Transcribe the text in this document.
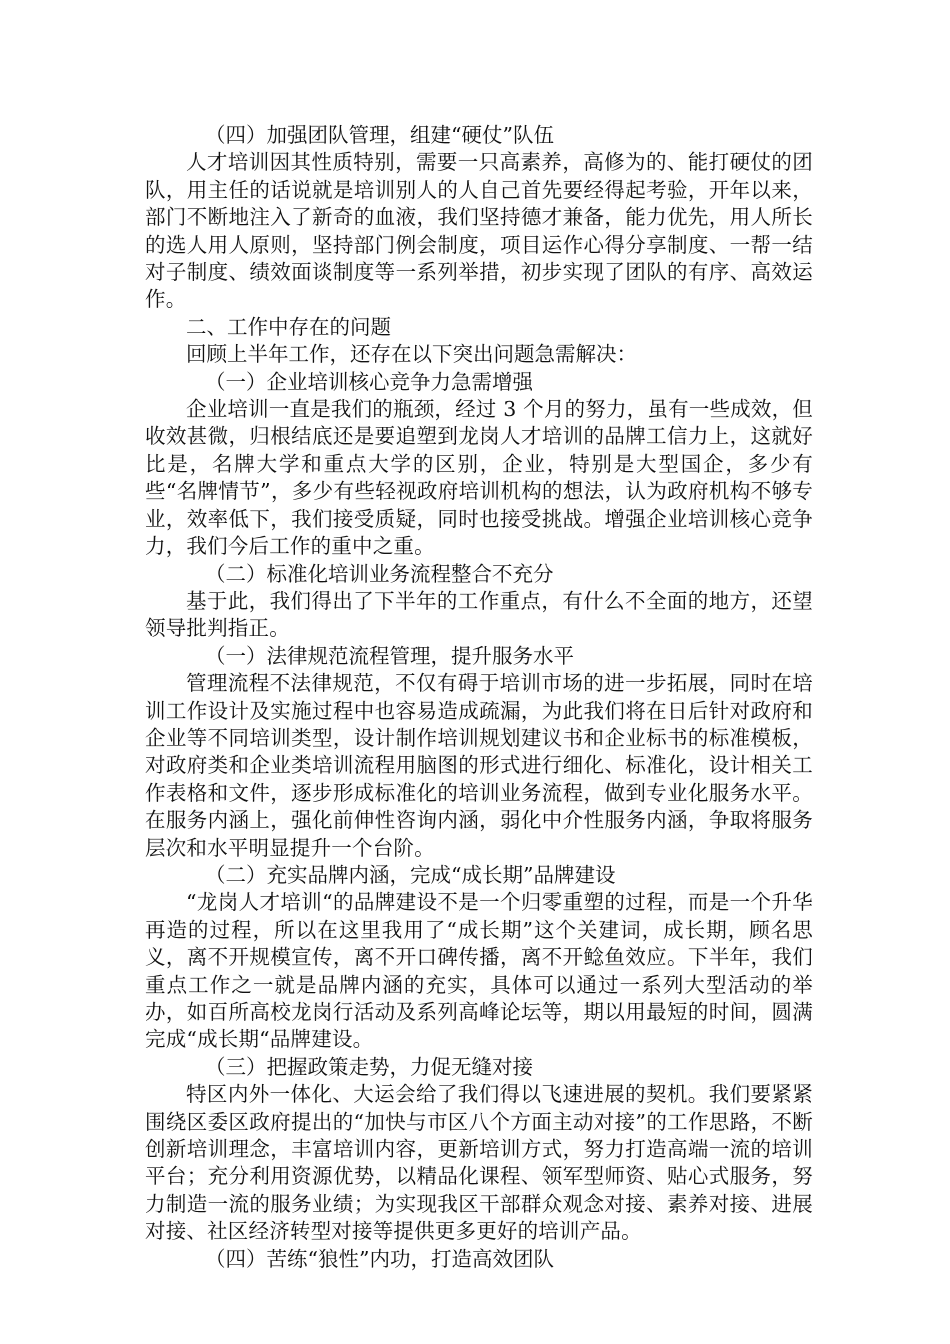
（四）加强团队管理，组建“硬仗”队伍

人才培训因其性质特别，需要一只高素养，高修为的、能打硬仗的团队，用主任的话说就是培训别人的人自己首先要经得起考验，开年以来，部门不断地注入了新奇的血液，我们坚持德才兼备，能力优先，用人所长的选人用人原则，坚持部门例会制度，项目运作心得分享制度、一帮一结对子制度、绩效面谈制度等一系列举措，初步实现了团队的有序、高效运作。

二、工作中存在的问题

回顾上半年工作，还存在以下突出问题急需解决：

（一）企业培训核心竞争力急需增强

企业培训一直是我们的瓶颈，经过 3 个月的努力，虽有一些成效，但收效甚微，归根结底还是要追塑到龙岗人才培训的品牌工信力上，这就好比是，名牌大学和重点大学的区别，企业，特别是大型国企，多少有些“名牌情节”，多少有些轻视政府培训机构的想法，认为政府机构不够专业，效率低下，我们接受质疑，同时也接受挑战。增强企业培训核心竞争力，我们今后工作的重中之重。

（二）标准化培训业务流程整合不充分

基于此，我们得出了下半年的工作重点，有什么不全面的地方，还望领导批判指正。

（一）法律规范流程管理，提升服务水平

管理流程不法律规范，不仅有碍于培训市场的进一步拓展，同时在培训工作设计及实施过程中也容易造成疏漏，为此我们将在日后针对政府和企业等不同培训类型，设计制作培训规划建议书和企业标书的标准模板，对政府类和企业类培训流程用脑图的形式进行细化、标准化，设计相关工作表格和文件，逐步形成标准化的培训业务流程，做到专业化服务水平。在服务内涵上，强化前伸性咨询内涵，弱化中介性服务内涵，争取将服务层次和水平明显提升一个台阶。

（二）充实品牌内涵，完成“成长期”品牌建设

“龙岗人才培训“的品牌建设不是一个归零重塑的过程，而是一个升华再造的过程，所以在这里我用了“成长期”这个关建词，成长期，顾名思义，离不开规模宣传，离不开口碑传播，离不开鲶鱼效应。下半年，我们重点工作之一就是品牌内涵的充实，具体可以通过一系列大型活动的举办，如百所高校龙岗行活动及系列高峰论坛等，期以用最短的时间，圆满完成“成长期“品牌建设。

（三）把握政策走势，力促无缝对接

特区内外一体化、大运会给了我们得以飞速进展的契机。我们要紧紧围绕区委区政府提出的“加快与市区八个方面主动对接”的工作思路，不断创新培训理念，丰富培训内容，更新培训方式，努力打造高端一流的培训平台；充分利用资源优势，以精品化课程、领军型师资、贴心式服务，努力制造一流的服务业绩；为实现我区干部群众观念对接、素养对接、进展对接、社区经济转型对接等提供更多更好的培训产品。

（四）苦练“狼性”内功，打造高效团队
